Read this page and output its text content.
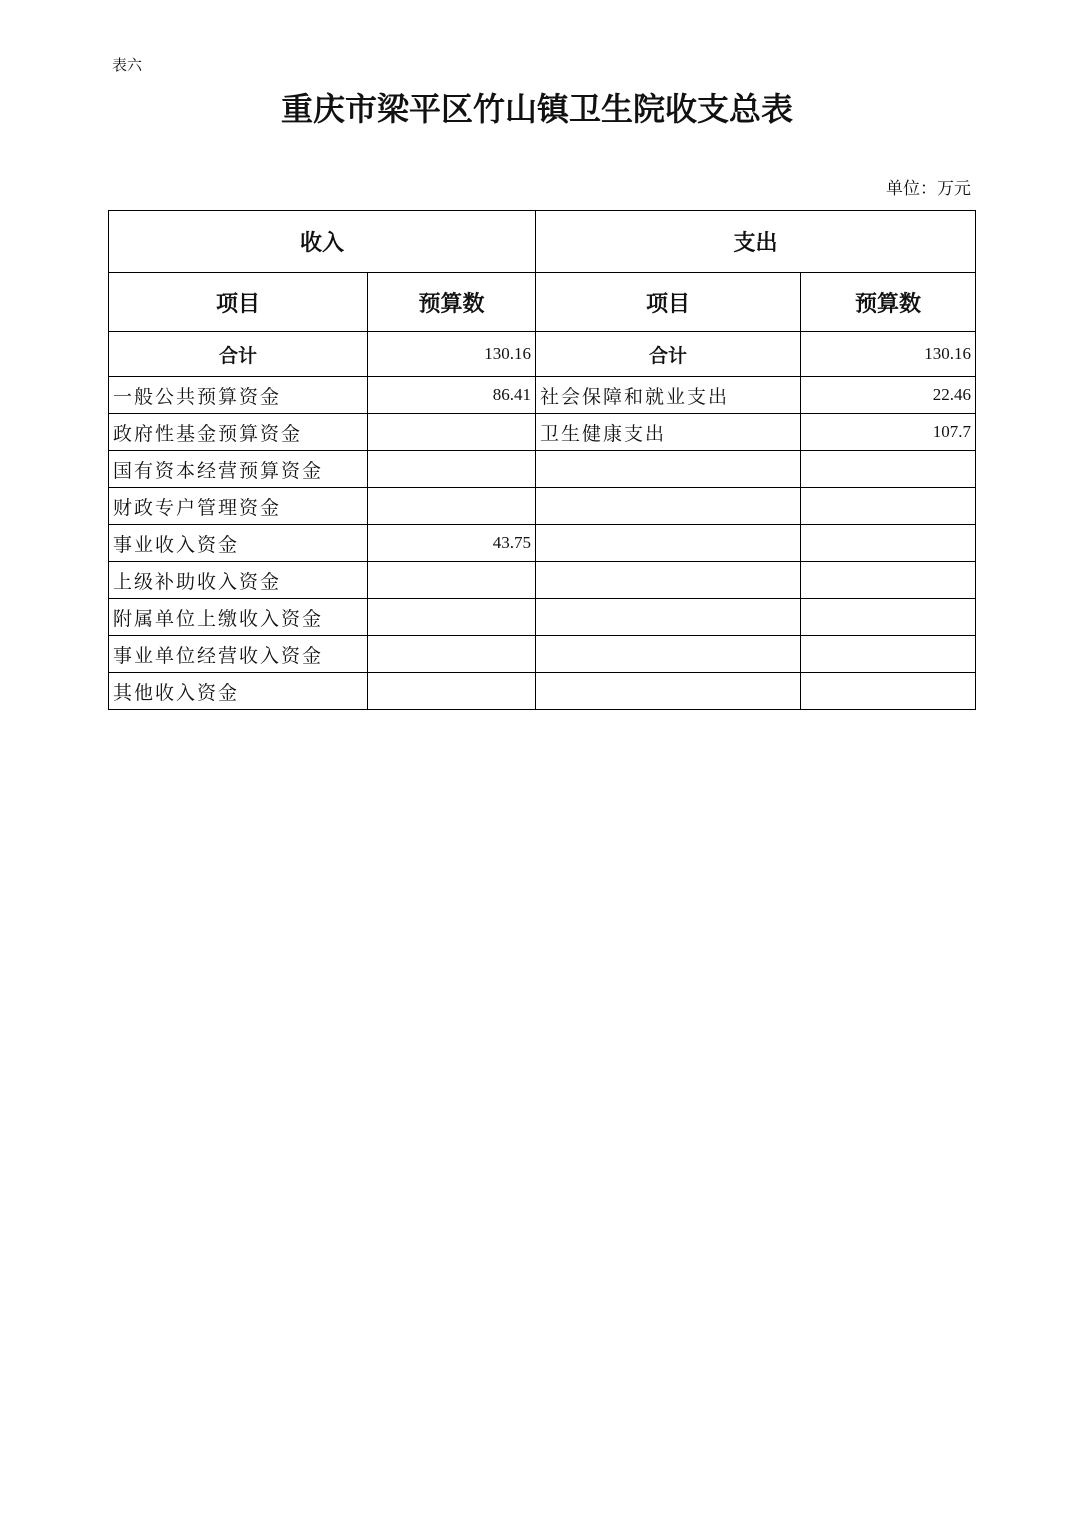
表六
重庆市梁平区竹山镇卫生院收支总表
单位：万元
收入		支出	
项目	预算数	项目	预算数
合计	130.16	合计	130.16
一般公共预算资金	86.41	社会保障和就业支出	22.46
政府性基金预算资金		卫生健康支出	107.7
国有资本经营预算资金			
财政专户管理资金			
事业收入资金	43.75		
上级补助收入资金			
附属单位上缴收入资金			
事业单位经营收入资金			
其他收入资金			
